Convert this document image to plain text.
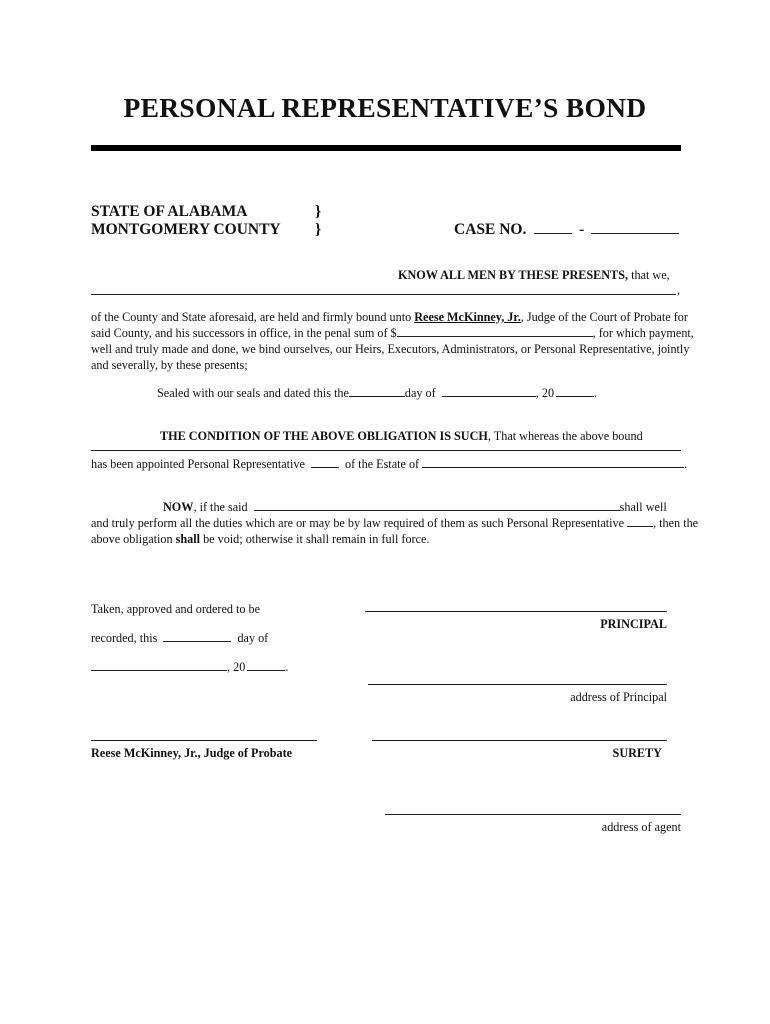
PERSONAL REPRESENTATIVE’S BOND
STATE OF ALABAMA
MONTGOMERY COUNTY
}
}	CASE NO.	-
KNOW ALL MEN BY THESE PRESENTS, that we,
,
of the County and State aforesaid, are held and firmly bound unto Reese McKinney, Jr., Judge of the Court of Probate for
said County, and his successors in office, in the penal sum of $	, for which payment,
well and truly made and done, we bind ourselves, our Heirs, Executors, Administrators, or Personal Representative, jointly
and severally, by these presents;
Sealed with our seals and dated this the	day of	, 20	.
THE CONDITION OF THE ABOVE OBLIGATION IS SUCH, That whereas the above bound
has been appointed Personal Representative	of the Estate of	.
NOW, if the said	shall well
and truly perform all the duties which are or may be by law required of them as such Personal Representative , then the
above obligation shall be void; otherwise it shall remain in full force.
Taken, approved and ordered to be
recorded, this	day of
, 20	.
Reese McKinney, Jr., Judge of Probate
PRINCIPAL
address of Principal
SURETY
address of agent
